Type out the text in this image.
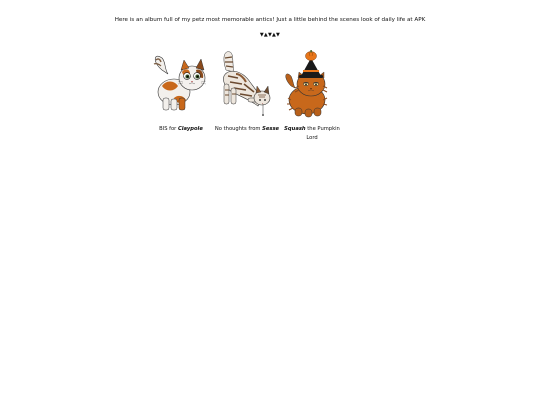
Here is an album full of my petz most memorable antics! Just a little behind the scenes look of daily life at APK
▼▲▼▲▼
BIS for Claypole	No thoughts from Sesse Squash the Pumpkin Lord
